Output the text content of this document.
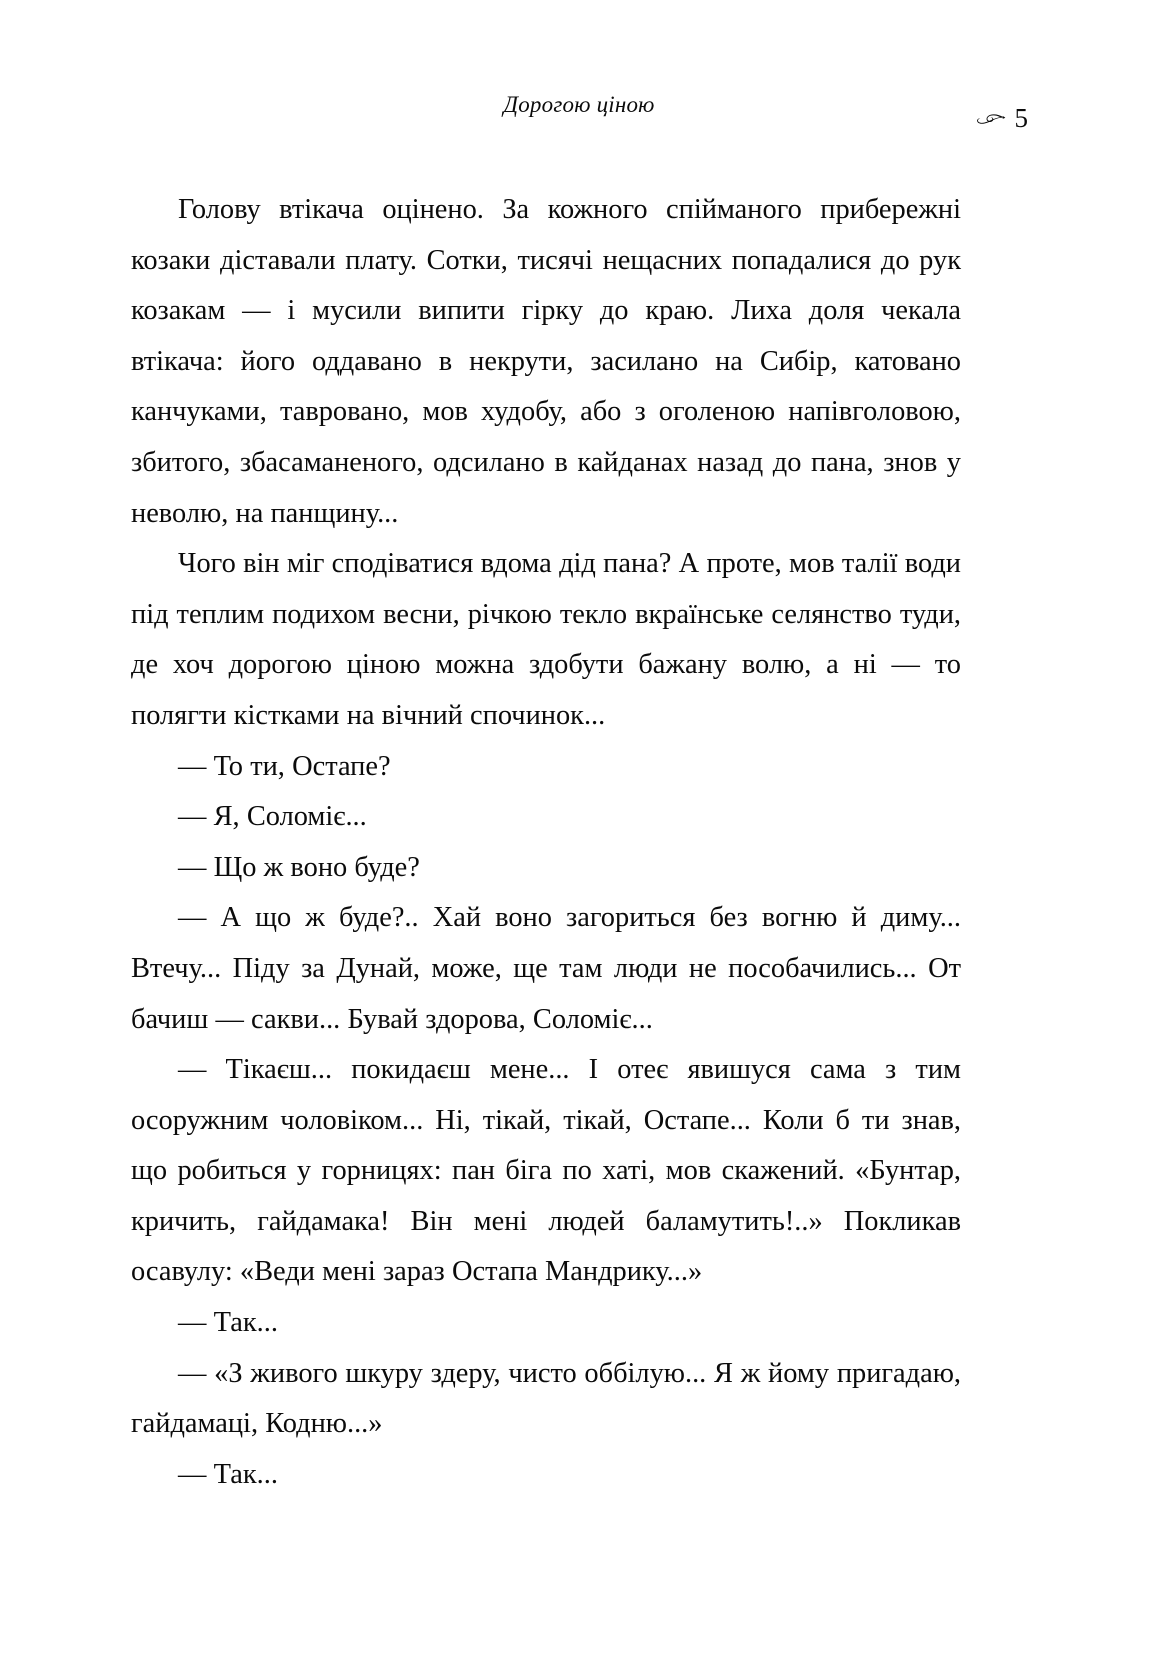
Дорогою ціною	5

Голову втікача оцінено. За кожного спійманого прибережні козаки діставали плату. Сотки, тисячі нещасних попадалися до рук козакам — і мусили випити гірку до краю. Лиха доля чекала втікача: його оддавано в некрути, засилано на Сибір, катовано канчуками, тавровано, мов худобу, або з оголеною напівголовою, збитого, збасаманеного, одсилано в кайданах назад до пана, знов у неволю, на панщину...

Чого він міг сподіватися вдома дід пана? А проте, мов талії води під теплим подихом весни, річкою текло вкраїнське селянство туди, де хоч дорогою ціною можна здобути бажану волю, а ні — то полягти кістками на вічний спочинок...

— То ти, Остапе?

— Я, Соломіє...

— Що ж воно буде?

— А що ж буде?.. Хай воно загориться без вогню й диму... Втечу... Піду за Дунай, може, ще там люди не пособачились... От бачиш — сакви... Бувай здорова, Соломіє...

— Тікаєш... покидаєш мене... І отеє явишуся сама з тим осоружним чоловіком... Ні, тікай, тікай, Остапе... Коли б ти знав, що робиться у горницях: пан біга по хаті, мов скажений. «Бунтар, кричить, гайдамака! Він мені людей баламутить!..» Покликав осавулу: «Веди мені зараз Остапа Мандрику...»

— Так...

— «З живого шкуру здеру, чисто оббілую... Я ж йому пригадаю, гайдамаці, Кодню...»

— Так...
